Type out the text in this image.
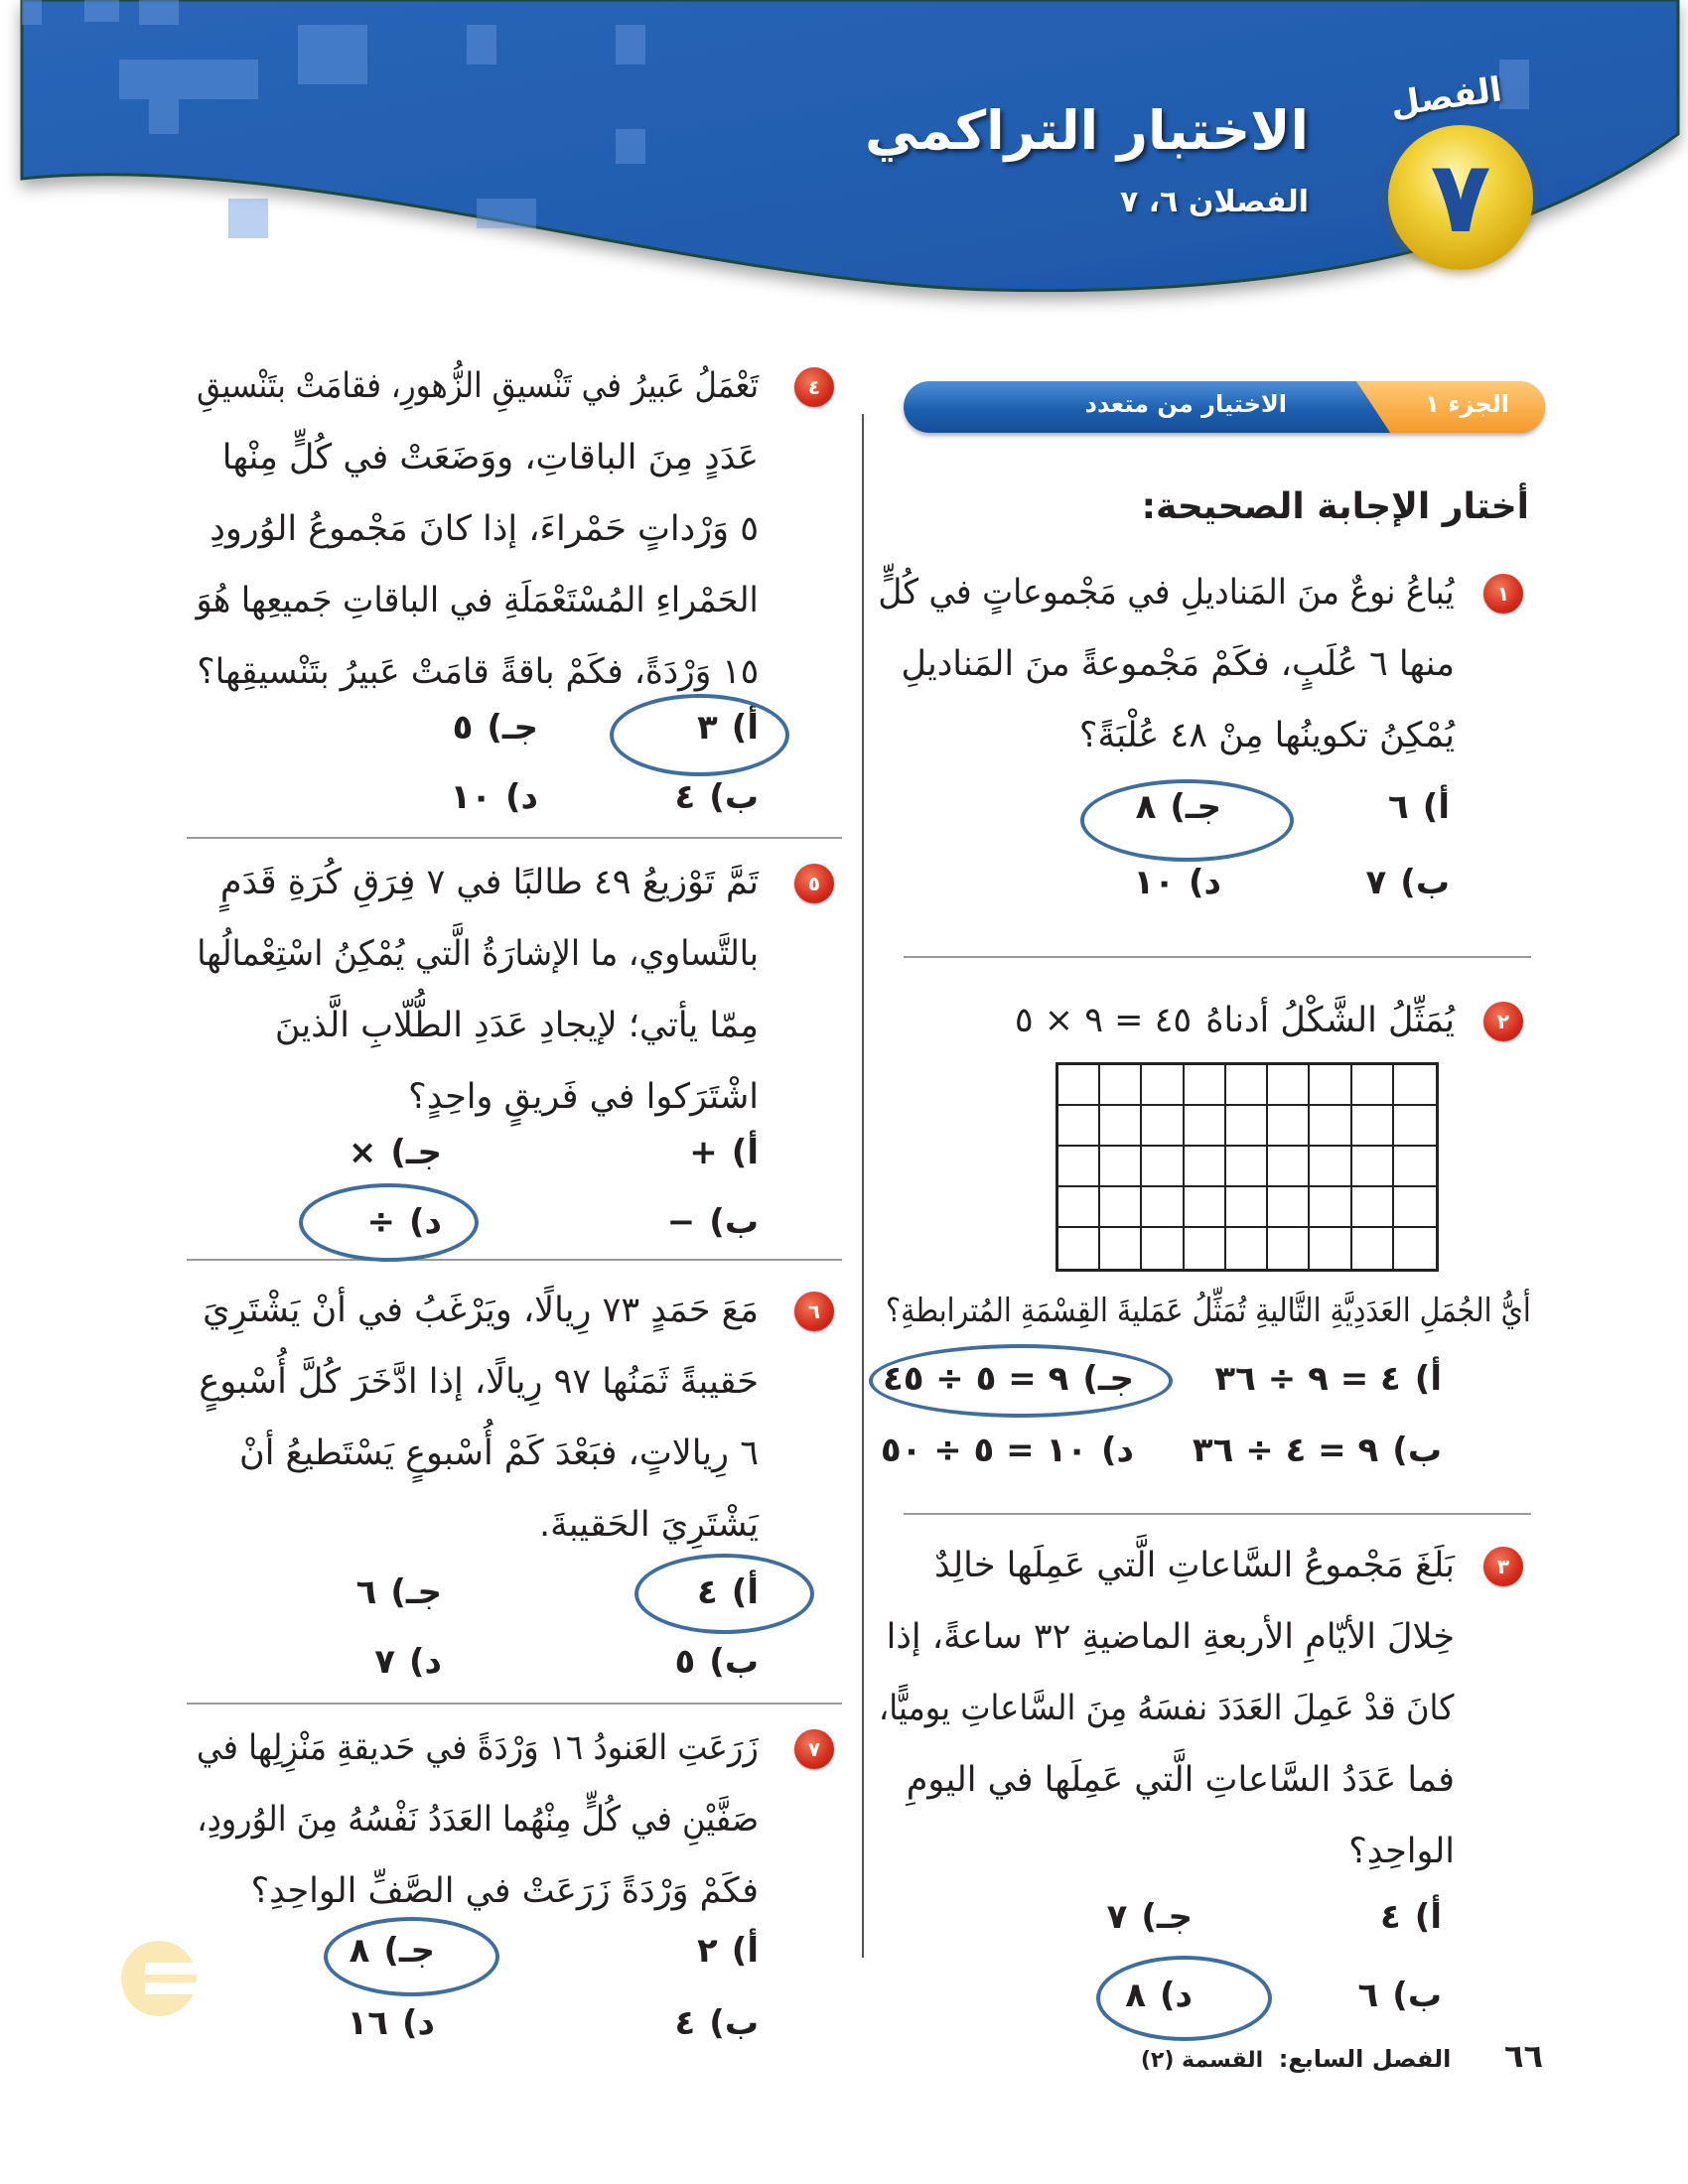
الفصل
٧
الاختبار التراكمي
الفصلان ٦، ٧
الجزء ١
الاختيار من متعدد
أختار الإجابة الصحيحة:
١
يُباعُ نوعٌ منَ المَناديلِ في مَجْموعاتٍ في كُلٍّ
منها ٦ عُلَبٍ، فكَمْ مَجْموعةً منَ المَناديلِ
يُمْكِنُ تكوينُها مِنْ ٤٨ عُلْبَةً؟
أ)٦
جـ)٨
ب)٧
د)١٠
٢
يُمَثِّلُ الشَّكْلُ أدناهُ٤٥ = ٩ × ٥
أيُّ الجُمَلِ العَدَدِيَّةِ التَّاليةِ تُمَثِّلُ عَمَليةَ القِسْمَةِ المُترابطةِ؟
أ)٤ = ٩ ÷ ٣٦
جـ)٩ = ٥ ÷ ٤٥
ب)٩ = ٤ ÷ ٣٦
د)١٠ = ٥ ÷ ٥٠
٣
بَلَغَ مَجْموعُ السَّاعاتِ الَّتي عَمِلَها خالِدٌ
خِلالَ الأيّامِ الأربعةِ الماضيةِ ٣٢ ساعةً، إذا
كانَ قدْ عَمِلَ العَدَدَ نفسَهُ مِنَ السَّاعاتِ يوميًّا،
فما عَدَدُ السَّاعاتِ الَّتي عَمِلَها في اليومِ
الواحِدِ؟
أ)٤
جـ)٧
ب)٦
د)٨
٤
تَعْمَلُ عَبيرُ في تَنْسيقِ الزُّهورِ، فقامَتْ بتَنْسيقِ
عَدَدٍ مِنَ الباقاتِ، ووَضَعَتْ في كُلٍّ مِنْها
٥ وَرْداتٍ حَمْراءَ، إذا كانَ مَجْموعُ الوُرودِ
الحَمْراءِ المُسْتَعْمَلَةِ في الباقاتِ جَميعِها هُوَ
١٥ وَرْدَةً، فكَمْ باقةً قامَتْ عَبيرُ بتَنْسيقِها؟
أ)٣
جـ)٥
ب)٤
د)١٠
٥
تَمَّ تَوْزيعُ ٤٩ طالبًا في ٧ فِرَقِ كُرَةِ قَدَمٍ
بالتَّساوي، ما الإشارَةُ الَّتي يُمْكِنُ اسْتِعْمالُها
مِمّا يأتي؛ لإيجادِ عَدَدِ الطُّلّابِ الَّذينَ
اشْتَرَكوا في فَريقٍ واحِدٍ؟
أ)+
جـ)×
ب)−
د)÷
٦
مَعَ حَمَدٍ ٧٣ رِيالًا، ويَرْغَبُ في أنْ يَشْتَرِيَ
حَقيبةً ثَمَنُها ٩٧ رِيالًا، إذا ادَّخَرَ كُلَّ أُسْبوعٍ
٦ رِيالاتٍ، فبَعْدَ كَمْ أُسْبوعٍ يَسْتَطيعُ أنْ
يَشْتَرِيَ الحَقيبةَ.
أ)٤
جـ)٦
ب)٥
د)٧
٧
زَرَعَتِ العَنودُ ١٦ وَرْدَةً في حَديقةِ مَنْزِلِها في
صَفَّيْنِ في كُلٍّ مِنْهُما العَدَدُ نَفْسُهُ مِنَ الوُرودِ،
فكَمْ وَرْدَةً زَرَعَتْ في الصَّفِّ الواحِدِ؟
أ)٢
جـ)٨
ب)٤
د)١٦
٦٦ الفصل السابع: القسمة (٢)
